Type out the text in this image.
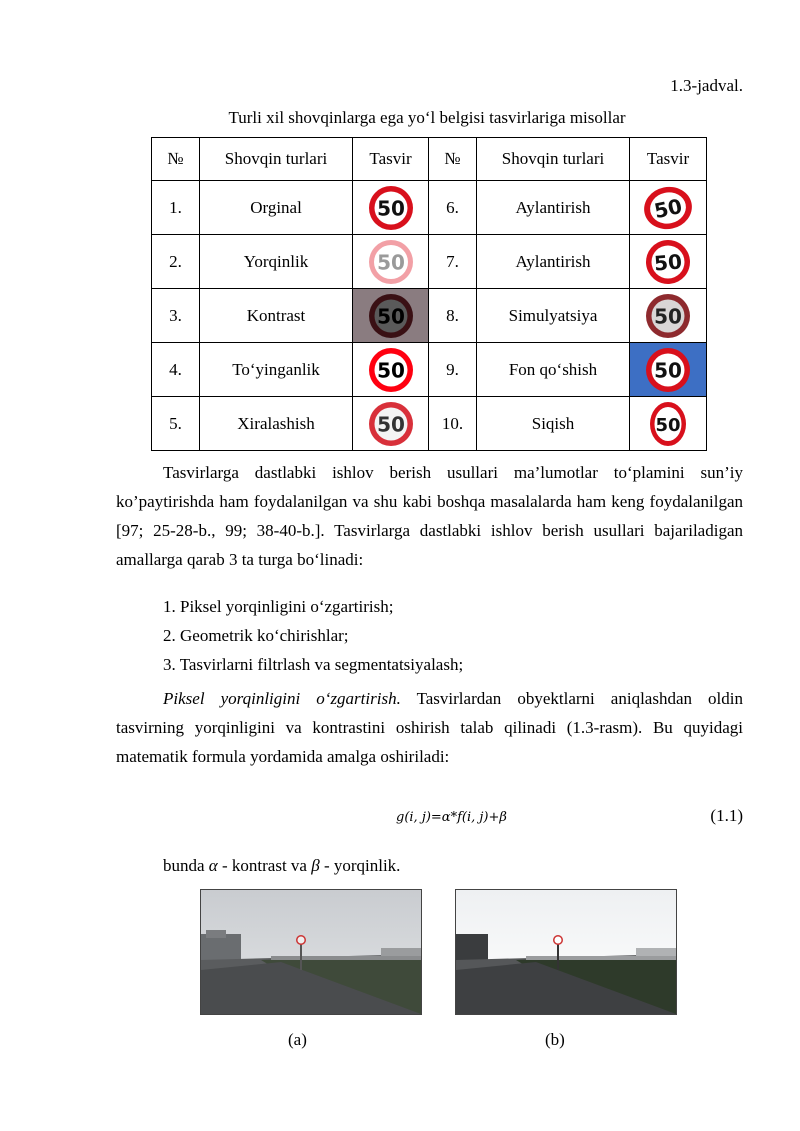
1.3-jadval.
Turli xil shovqinlarga ega yo‘l belgisi tasvirlariga misollar
№	Shovqin turlari	Tasvir	№	Shovqin turlari	Tasvir
1.	Orginal	50	6.	Aylantirish	50

2.	Yorqinlik	50	7.	Aylantirish	50

3.	Kontrast	50	8.	Simulyatsiya	50

4.	To‘yinganlik	50	9.	Fon qo‘shish	50

5.	Xiralashish	50	10.	Siqish	50
Tasvirlarga dastlabki ishlov berish usullari ma’lumotlar to‘plamini sun’iy ko’paytirishda ham foydalanilgan va shu kabi boshqa masalalarda ham keng foydalanilgan [97; 25-28-b., 99; 38-40-b.]. Tasvirlarga dastlabki ishlov berish usullari bajariladigan amallarga qarab 3 ta turga bo‘linadi:
1. Piksel yorqinligini o‘zgartirish;
2. Geometrik ko‘chirishlar;
3. Tasvirlarni filtrlash va segmentatsiyalash;
Piksel yorqinligini o‘zgartirish. Tasvirlardan obyektlarni aniqlashdan oldin tasvirning yorqinligini va kontrastini oshirish talab qilinadi (1.3-rasm). Bu quyidagi matematik formula yordamida amalga oshiriladi:
g(i, j)=α*f(i, j)+β	(1.1)
bunda α - kontrast va β - yorqinlik.
(a)	(b)
